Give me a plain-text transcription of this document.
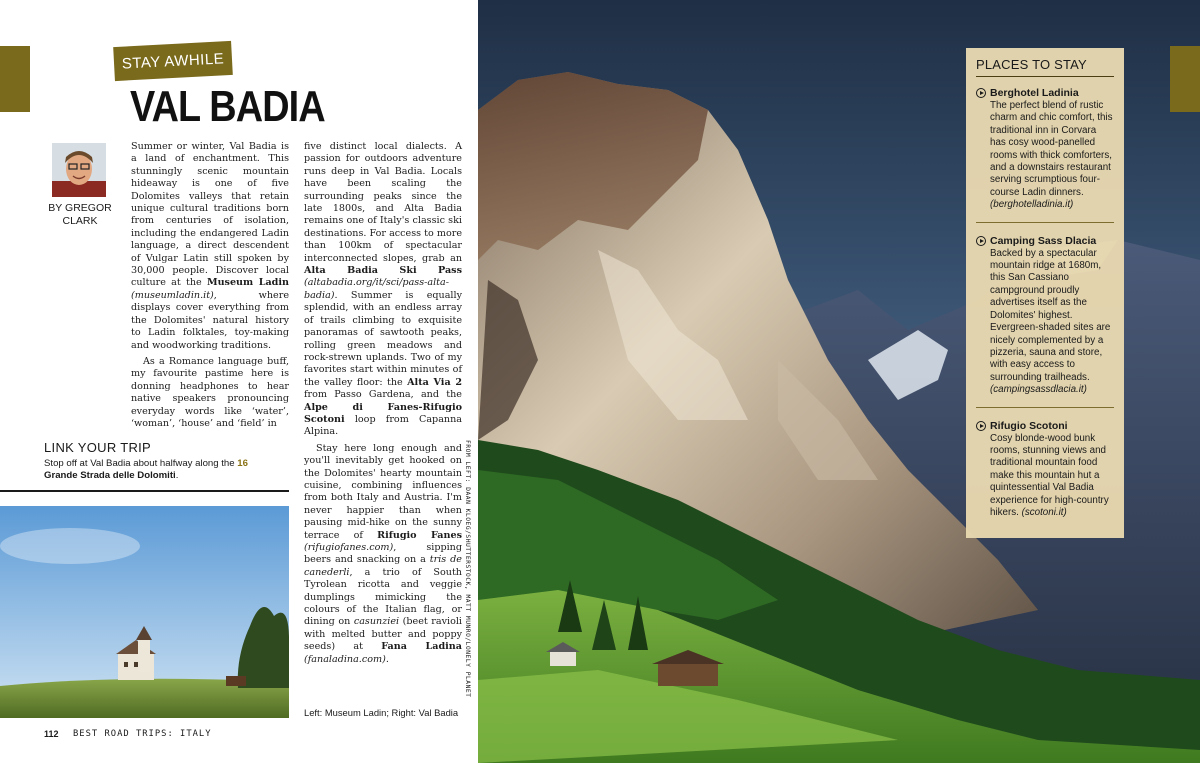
STAY AWHILE
VAL BADIA
BY GREGOR CLARK

Summer or winter, Val Badia is a land of enchantment. This stunningly scenic mountain hideaway is one of five Dolomites valleys that retain unique cultural traditions born from centuries of isolation, including the endangered Ladin language, a direct descendent of Vulgar Latin still spoken by 30,000 people. Discover local culture at the Museum Ladin (museumladin.it), where displays cover everything from the Dolomites' natural history to Ladin folktales, toy-making and woodworking traditions.

As a Romance language buff, my favourite pastime here is donning headphones to hear native speakers pronouncing everyday words like ‘water’, ‘woman’, ‘house’ and ‘field’ in

five distinct local dialects. A passion for outdoors adventure runs deep in Val Badia. Locals have been scaling the surrounding peaks since the late 1800s, and Alta Badia remains one of Italy's classic ski destinations. For access to more than 100km of spectacular interconnected slopes, grab an Alta Badia Ski Pass (altabadia.org/it/sci/pass-alta-badia). Summer is equally splendid, with an endless array of trails climbing to exquisite panoramas of sawtooth peaks, rolling green meadows and rock-strewn uplands. Two of my favorites start within minutes of the valley floor: the Alta Via 2 from Passo Gardena, and the Alpe di Fanes-Rifugio Scotoni loop from Capanna Alpina.

Stay here long enough and you'll inevitably get hooked on the Dolomites' hearty mountain cuisine, combining influences from both Italy and Austria. I'm never happier than when pausing mid-hike on the sunny terrace of Rifugio Fanes (rifugiofanes.com), sipping beers and snacking on a tris de canederli, a trio of South Tyrolean ricotta and veggie dumplings mimicking the colours of the Italian flag, or dining on casunziei (beet ravioli with melted butter and poppy seeds) at Fana Ladina (fanaladina.com).

LINK YOUR TRIP
Stop off at Val Badia about halfway along the 16 Grande Strada delle Dolomiti.
Left: Museum Ladin; Right: Val Badia
FROM LEFT: DAAN KLOEG/SHUTTERSTOCK, MATT MUNRO/LONELY PLANET
112 BEST ROAD TRIPS: ITALY
PLACES TO STAY
Berghotel Ladinia
The perfect blend of rustic charm and chic comfort, this traditional inn in Corvara has cosy wood-panelled rooms with thick comforters, and a downstairs restaurant serving scrumptious four-course Ladin dinners. (berghotelladinia.it)
Camping Sass Dlacia
Backed by a spectacular mountain ridge at 1680m, this San Cassiano campground proudly advertises itself as the Dolomites' highest. Evergreen-shaded sites are nicely complemented by a pizzeria, sauna and store, with easy access to surrounding trailheads. (campingsassdlacia.it)
Rifugio Scotoni
Cosy blonde-wood bunk rooms, stunning views and traditional mountain food make this mountain hut a quintessential Val Badia experience for high-country hikers. (scotoni.it)
